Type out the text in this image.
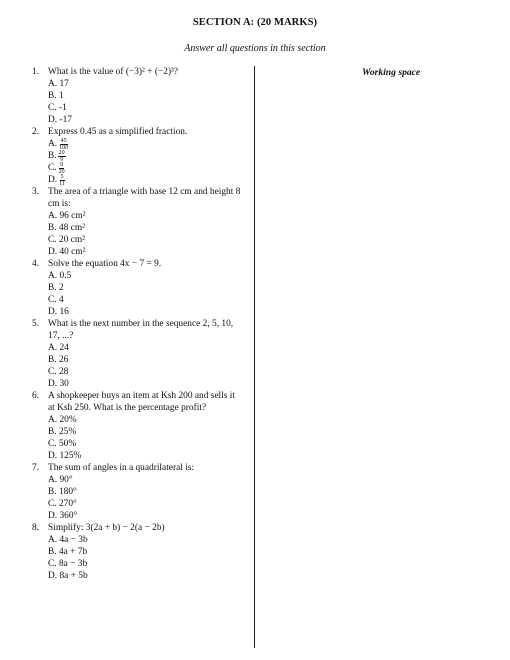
SECTION A: (20 MARKS)
Answer all questions in this section
Working space
1. What is the value of (−3)² + (−2)³?
A. 17
B. 1
C. -1
D. -17
2. Express 0.45 as a simplified fraction.
A. $\frac{45}{100}$
B. $\frac{20}{9}$
C. $\frac{9}{20}$
D. $\frac{5}{11}$
3. The area of a triangle with base 12 cm and height 8 cm is:
A. 96 cm²
B. 48 cm²
C. 20 cm²
D. 40 cm²
4. Solve the equation 4x − 7 = 9.
A. 0.5
B. 2
C. 4
D. 16
5. What is the next number in the sequence 2, 5, 10, 17, ...?
A. 24
B. 26
C. 28
D. 30
6. A shopkeeper buys an item at Ksh 200 and sells it at Ksh 250. What is the percentage profit?
A. 20%
B. 25%
C. 50%
D. 125%
7. The sum of angles in a quadrilateral is:
A. 90°
B. 180°
C. 270°
D. 360°
8. Simplify: 3(2a + b) − 2(a − 2b)
A. 4a − 3b
B. 4a + 7b
C. 8a − 3b
D. 8a + 5b
